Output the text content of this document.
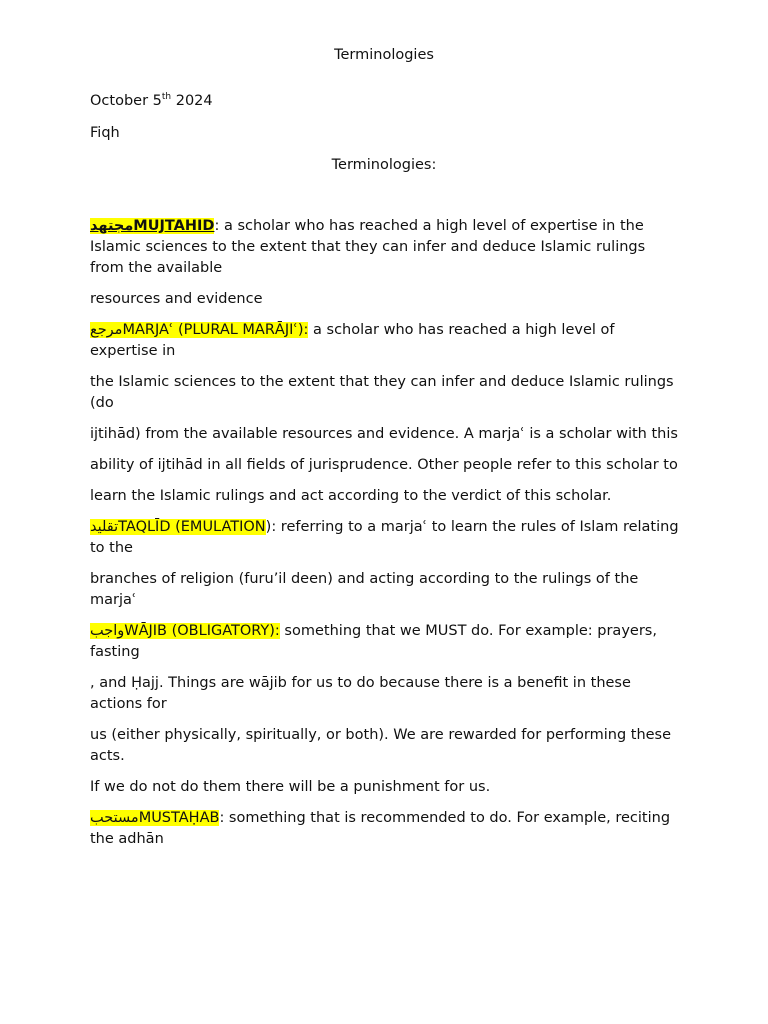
Terminologies
October 5th 2024
Fiqh
Terminologies:

مجتهدMUJTAHID: a scholar who has reached a high level of expertise in the Islamic sciences to the extent that they can infer and deduce Islamic rulings from the available

resources and evidence

مرجعMARJAʿ (PLURAL MARĀJIʿ): a scholar who has reached a high level of expertise in

the Islamic sciences to the extent that they can infer and deduce Islamic rulings (do

ijtihād) from the available resources and evidence. A marjaʿ is a scholar with this

ability of ijtihād in all fields of jurisprudence. Other people refer to this scholar to

learn the Islamic rulings and act according to the verdict of this scholar.

تقليدTAQLĪD (EMULATION): referring to a marjaʿ to learn the rules of Islam relating to the

branches of religion (furu’il deen) and acting according to the rulings of the marjaʿ

واجبWĀJIB (OBLIGATORY): something that we MUST do. For example: prayers, fasting

, and Ḥajj. Things are wājib for us to do because there is a benefit in these actions for

us (either physically, spiritually, or both). We are rewarded for performing these acts.

If we do not do them there will be a punishment for us.

مستحبMUSTAḤAB: something that is recommended to do. For example, reciting the adhān
